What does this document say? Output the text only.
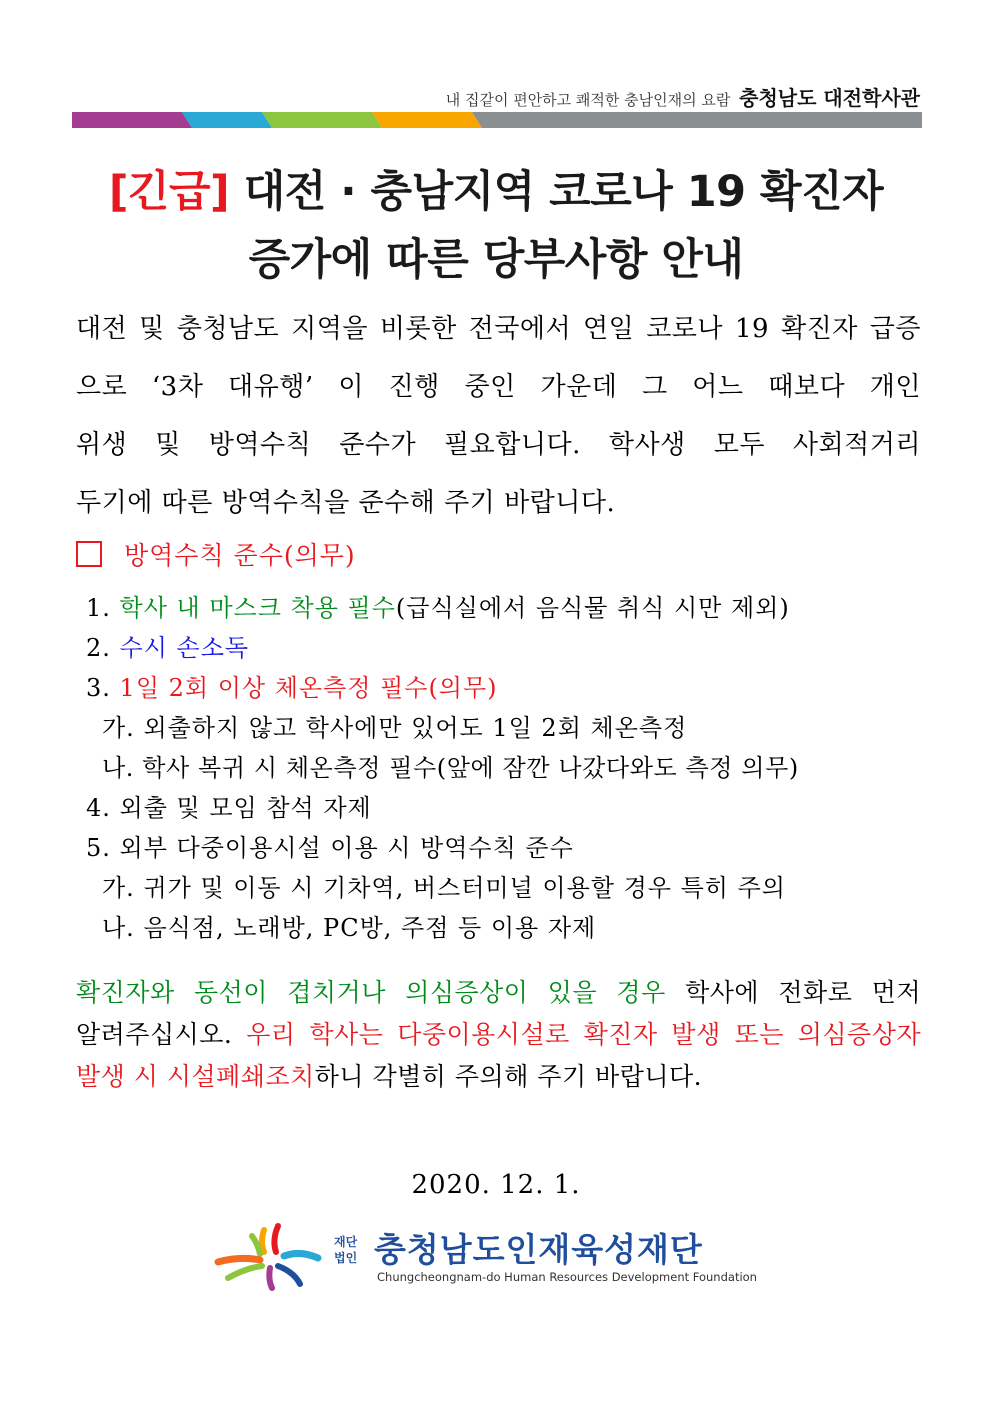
내 집같이 편안하고 쾌적한 충남인재의 요람 충청남도 대전학사관
[긴급] 대전 · 충남지역 코로나 19 확진자
증가에 따른 당부사항 안내
대전 및 충청남도 지역을 비롯한 전국에서 연일 코로나 19 확진자 급증
으로 ‘3차 대유행’ 이 진행 중인 가운데 그 어느 때보다 개인
위생 및 방역수칙 준수가 필요합니다. 학사생 모두 사회적거리
두기에 따른 방역수칙을 준수해 주기 바랍니다.
방역수칙 준수(의무)
1. 학사 내 마스크 착용 필수(급식실에서 음식물 취식 시만 제외)
2. 수시 손소독
3. 1일 2회 이상 체온측정 필수(의무)
가. 외출하지 않고 학사에만 있어도 1일 2회 체온측정
나. 학사 복귀 시 체온측정 필수(앞에 잠깐 나갔다와도 측정 의무)
4. 외출 및 모임 참석 자제
5. 외부 다중이용시설 이용 시 방역수칙 준수
가. 귀가 및 이동 시 기차역, 버스터미널 이용할 경우 특히 주의
나. 음식점, 노래방, PC방, 주점 등 이용 자제
확진자와 동선이 겹치거나 의심증상이 있을 경우 학사에 전화로 먼저
알려주십시오. 우리 학사는 다중이용시설로 확진자 발생 또는 의심증상자
발생 시 시설폐쇄조치하니 각별히 주의해 주기 바랍니다.
2020. 12. 1.
재단
법인 충청남도인재육성재단
Chungcheongnam-do Human Resources Development Foundation
